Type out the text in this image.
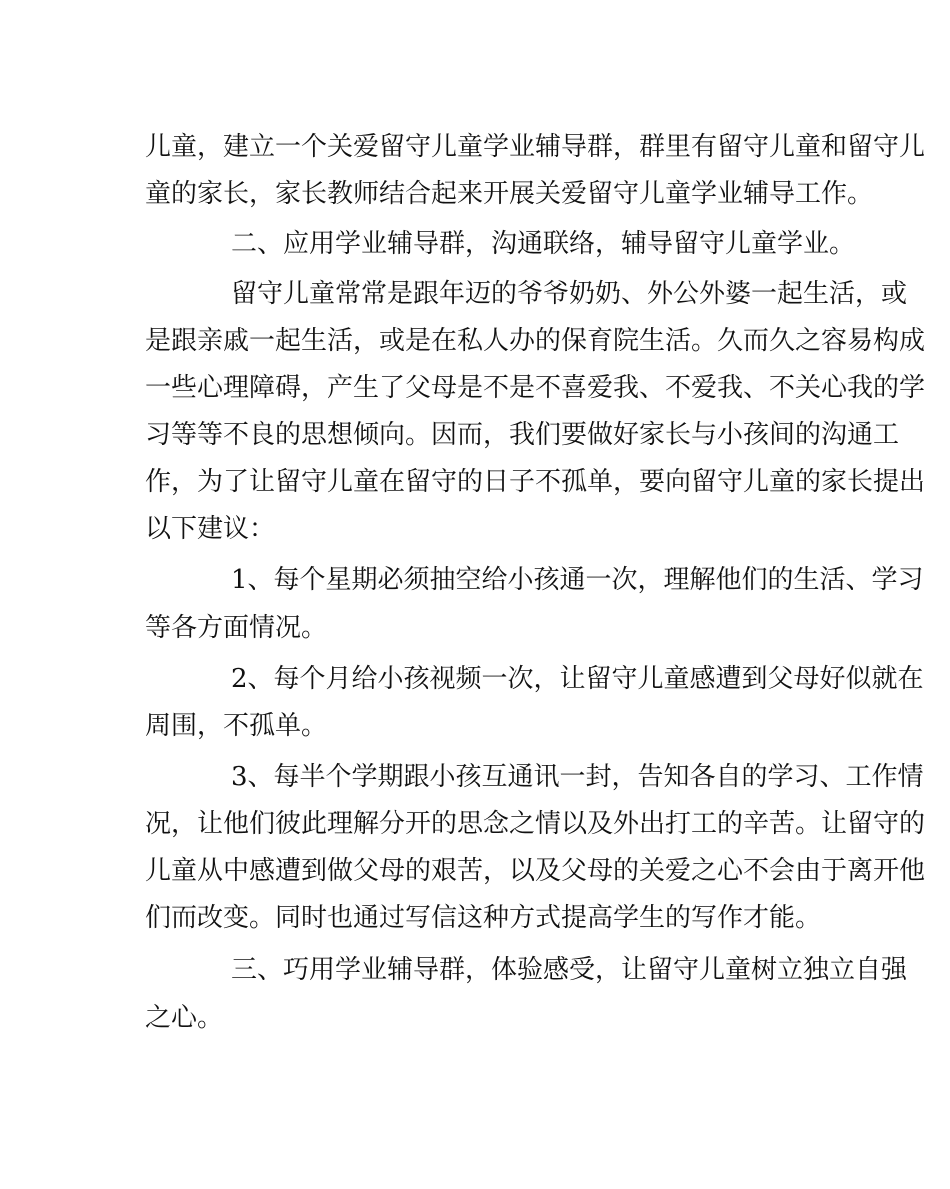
儿童，建立一个关爱留守儿童学业辅导群，群里有留守儿童和留守儿
童的家长，家长教师结合起来开展关爱留守儿童学业辅导工作。
二、应用学业辅导群，沟通联络，辅导留守儿童学业。
留守儿童常常是跟年迈的爷爷奶奶、外公外婆一起生活，或
是跟亲戚一起生活，或是在私人办的保育院生活。久而久之容易构成
一些心理障碍，产生了父母是不是不喜爱我、不爱我、不关心我的学
习等等不良的思想倾向。因而，我们要做好家长与小孩间的沟通工
作，为了让留守儿童在留守的日子不孤单，要向留守儿童的家长提出
以下建议：
1、每个星期必须抽空给小孩通一次，理解他们的生活、学习
等各方面情况。
2、每个月给小孩视频一次，让留守儿童感遭到父母好似就在
周围，不孤单。
3、每半个学期跟小孩互通讯一封，告知各自的学习、工作情
况，让他们彼此理解分开的思念之情以及外出打工的辛苦。让留守的
儿童从中感遭到做父母的艰苦，以及父母的关爱之心不会由于离开他
们而改变。同时也通过写信这种方式提高学生的写作才能。
三、巧用学业辅导群，体验感受，让留守儿童树立独立自强
之心。
